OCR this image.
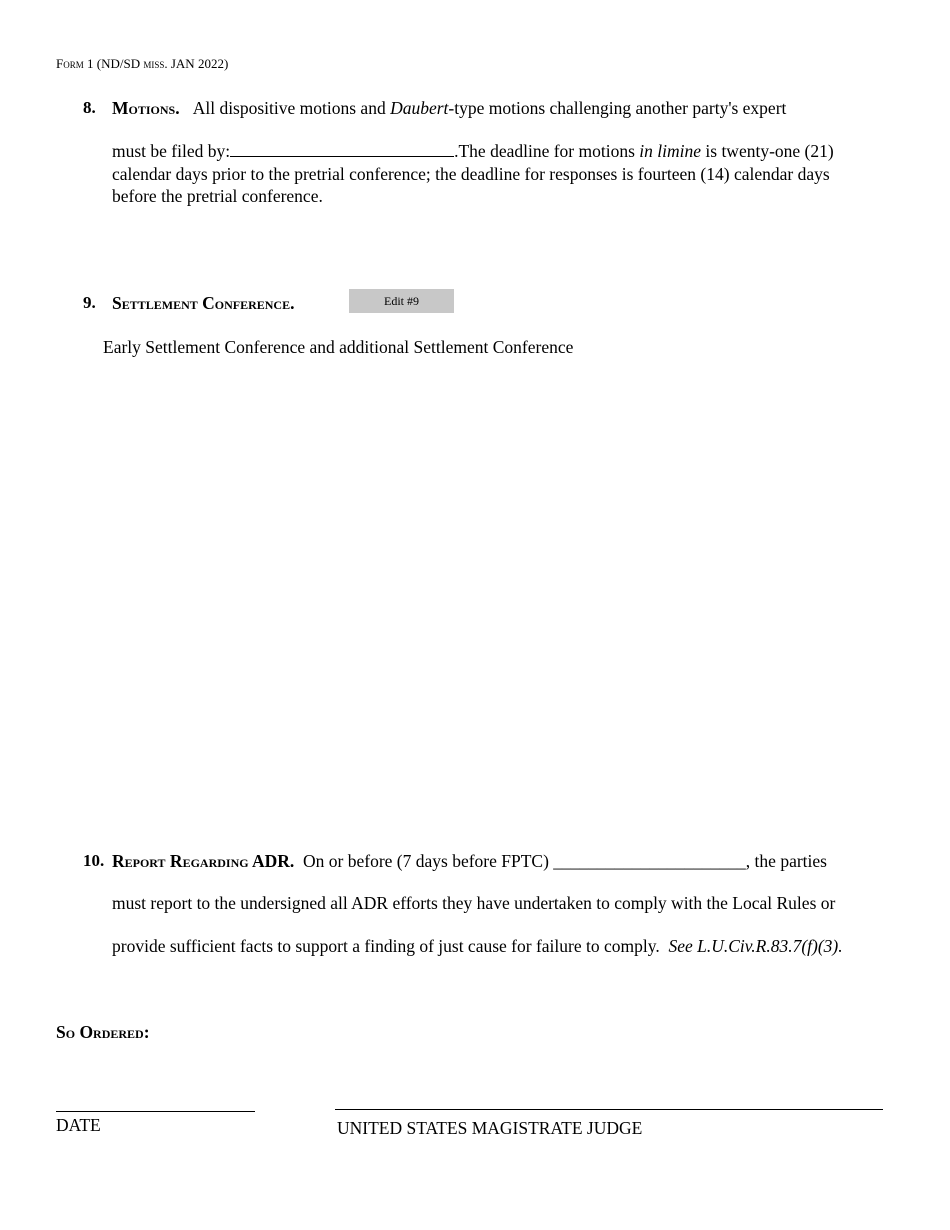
Form 1 (ND/SD miss. JAN 2022)
8. Motions. All dispositive motions and Daubert-type motions challenging another party's expert
must be filed by:	.The deadline for motions in limine is twenty-one (21)
calendar days prior to the pretrial conference; the deadline for responses is fourteen (14) calendar days
before the pretrial conference.
9. Settlement Conference.	Edit #9
Early Settlement Conference and additional Settlement Conference
10. Report Regarding ADR. On or before (7 days before FPTC) ______________________, the parties
must report to the undersigned all ADR efforts they have undertaken to comply with the Local Rules or
provide sufficient facts to support a finding of just cause for failure to comply. See L.U.Civ.R.83.7(f)(3).
So Ordered:
DATE	UNITED STATES MAGISTRATE JUDGE
